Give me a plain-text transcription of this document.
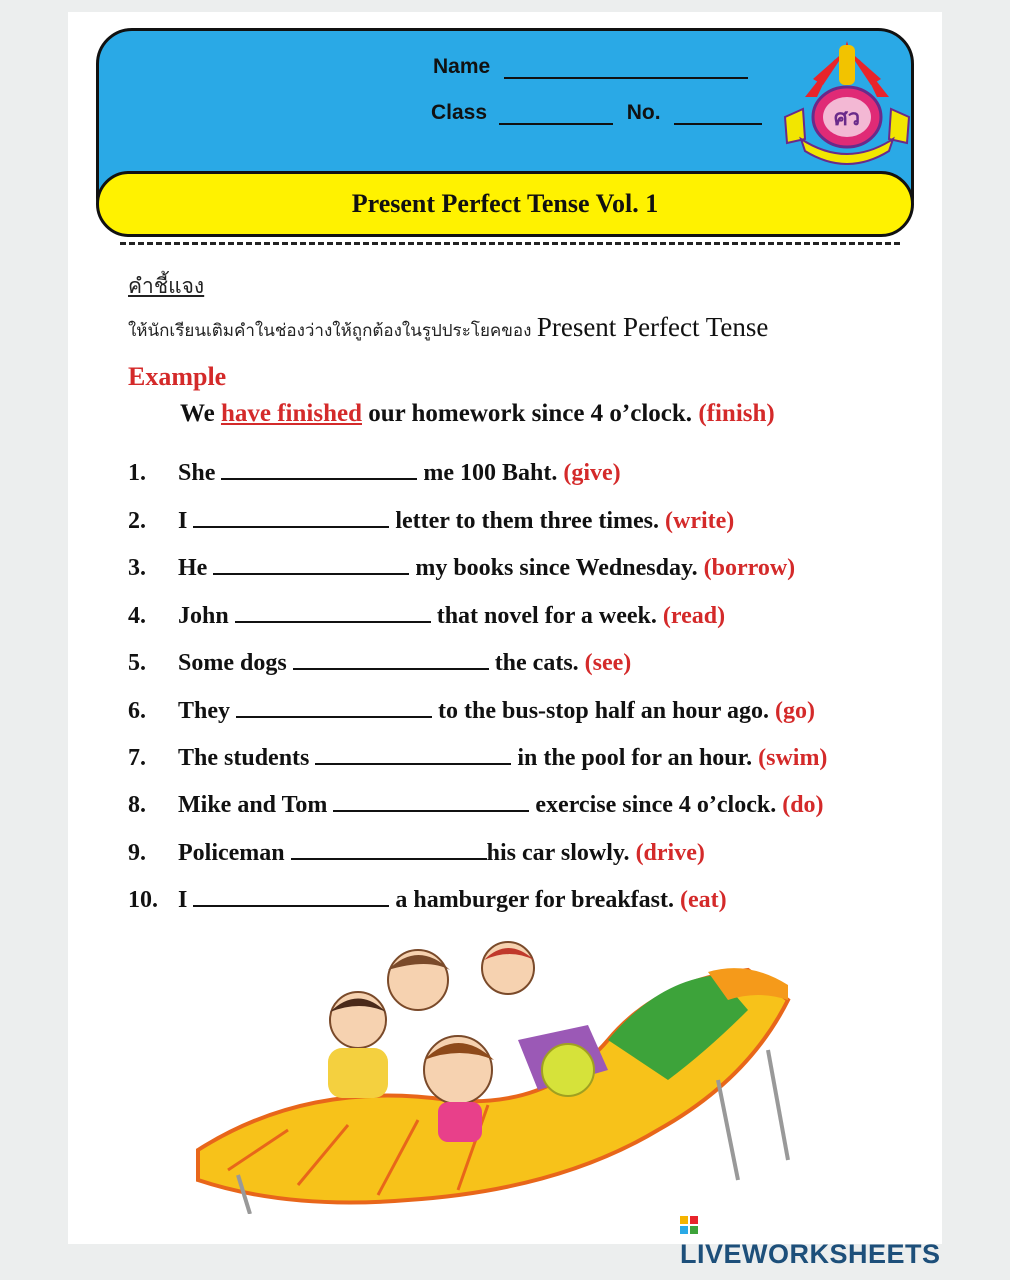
Name
Class	No.	ศว
Present Perfect Tense Vol. 1
คำชี้แจง
ให้นักเรียนเติมคำในช่องว่างให้ถูกต้องในรูปประโยคของ Present Perfect Tense
Example
We have finished our homework since 4 o’clock. (finish)
1. She	me 100 Baht. (give)
2. I	letter to them three times. (write)
3. He	my books since Wednesday. (borrow)
4. John	that novel for a week. (read)
5. Some dogs	the cats. (see)
6. They	to the bus-stop half an hour ago. (go)
7. The students	in the pool for an hour. (swim)
8. Mike and Tom	exercise since 4 o’clock. (do)
9. Policeman	his car slowly. (drive)
10. I	a hamburger for breakfast. (eat)
LIVEWORKSHEETS
